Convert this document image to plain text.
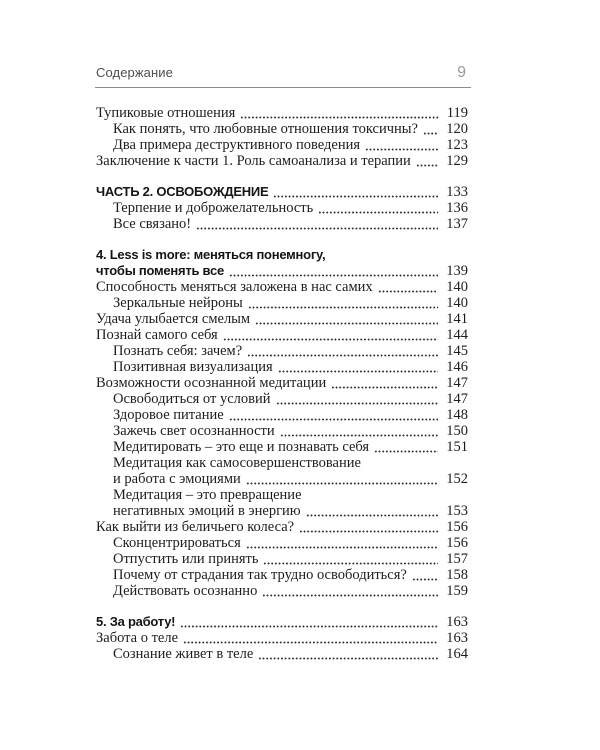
Содержание	9
Тупиковые отношения	119
Как понять, что любовные отношения токсичны? 120
Два примера деструктивного поведения	123
Заключение к части 1. Роль самоанализа и терапии 129
ЧАСТЬ 2. ОСВОБОЖДЕНИЕ	133
Терпение и доброжелательность	136
Все связано!	137
4. Less is more: меняться понемногу,
чтобы поменять все	139
Способность меняться заложена в нас самих	140
Зеркальные нейроны	140
Удача улыбается смелым	141
Познай самого себя	144
Познать себя: зачем?	145
Позитивная визуализация	146
Возможности осознанной медитации	147
Освободиться от условий	147
Здоровое питание	148
Зажечь свет осознанности	150
Медитировать – это еще и познавать себя	151
Медитация как самосовершенствование
и работа с эмоциями	152
Медитация – это превращение
негативных эмоций в энергию	153
Как выйти из беличьего колеса?	156
Сконцентрироваться	156
Отпустить или принять	157
Почему от страдания так трудно освободиться?	158
Действовать осознанно	159
5. За работу!	163
Забота о теле	163
Сознание живет в теле	164
